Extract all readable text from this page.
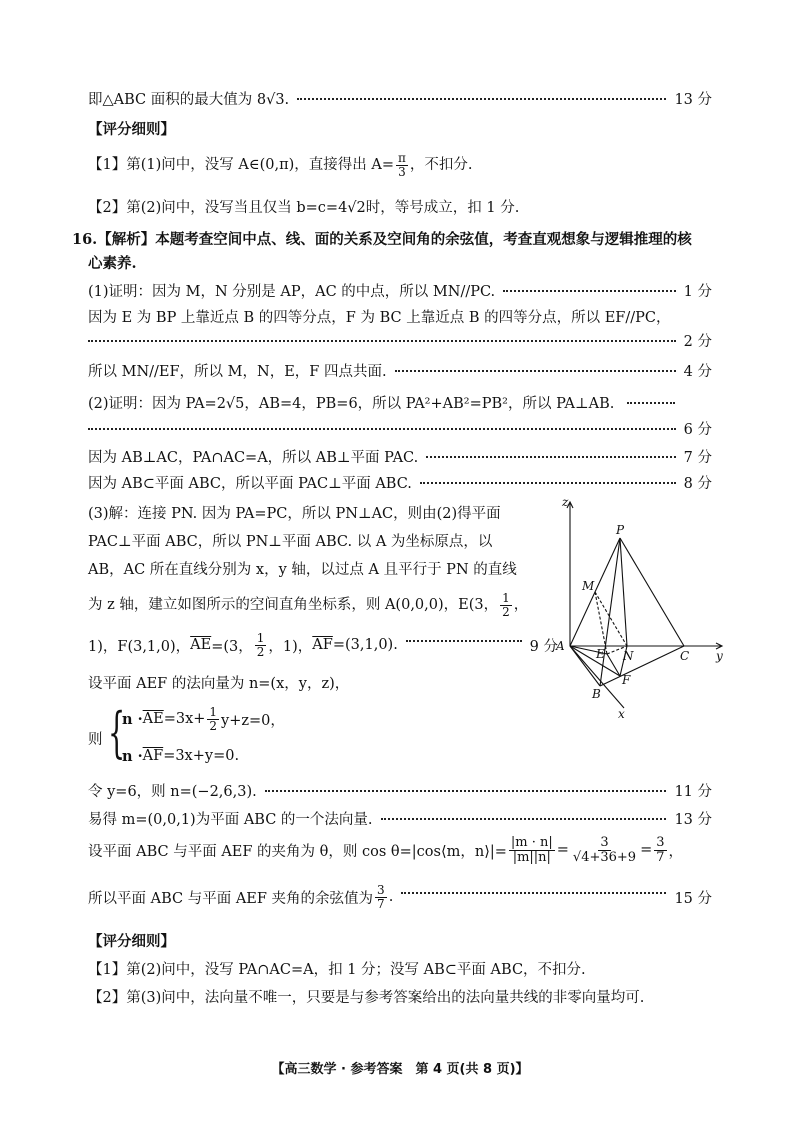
即△ABC 面积的最大值为 8√3.	13 分
【评分细则】
【1】第(1)问中，没写 A∈(0,π)，直接得出 $A= \frac{\pi}{3}$ ，不扣分.
【2】第(2)问中，没写当且仅当 b=c=4√2时，等号成立，扣 1 分.
16.【解析】本题考查空间中点、线、面的关系及空间角的余弦值，考查直观想象与逻辑推理的核
心素养.
(1)证明：因为 M，N 分别是 AP，AC 的中点，所以 MN//PC.	1 分
因为 E 为 BP 上靠近点 B 的四等分点，F 为 BC 上靠近点 B 的四等分点，所以 EF//PC，
2 分
所以 MN//EF，所以 M，N，E，F 四点共面.	4 分
(2)证明：因为 PA=2√5，AB=4，PB=6，所以 PA²+AB²=PB²，所以 PA⊥AB.
6 分
因为 AB⊥AC，PA∩AC=A，所以 AB⊥平面 PAC.	7 分
因为 AB⊂平面 ABC，所以平面 PAC⊥平面 ABC.	8 分
(3)解：连接 PN. 因为 PA=PC，所以 PN⊥AC，则由(2)得平面
PAC⊥平面 ABC，所以 PN⊥平面 ABC. 以 A 为坐标原点，以
AB，AC 所在直线分别为 x，y 轴，以过点 A 且平行于 PN 的直线
为 z 轴，建立如图所示的空间直角坐标系，则 A(0,0,0)，E(3， $\frac{1}{2}$ ，
1)，F(3,1,0)， $\overline{AE} =(3$， $\frac{1}{2}$ ，1)， $\overline{AF} =(3,1,0)$.	9 分
设平面 AEF 的法向量为 n=(x，y，z)，
则 {
$n \cdot \overline{AE} =3x+ \frac{1}{2} y+z=0$，
$n \cdot \overline{AF} =3x+y=0$.
令 y=6，则 n=(−2,6,3).	11 分
易得 m=(0,0,1)为平面 ABC 的一个法向量.	13 分
设平面 ABC 与平面 AEF 的夹角为 θ，则 cos θ=|cos⟨m，n⟩|= $\frac{|m \cdot n|}{|m||n|} = \frac{3}{√4+36+9} = \frac{3}{7}$ ，
所以平面 ABC 与平面 AEF 夹角的余弦值为 $\frac{3}{7}$ .	15 分
【评分细则】
【1】第(2)问中，没写 PA∩AC=A，扣 1 分；没写 AB⊂平面 ABC，不扣分.
【2】第(3)问中，法向量不唯一，只要是与参考答案给出的法向量共线的非零向量均可.
【高三数学 · 参考答案　第 4 页(共 8 页)】
z
P
M
A
E N	C y
F
B
x
